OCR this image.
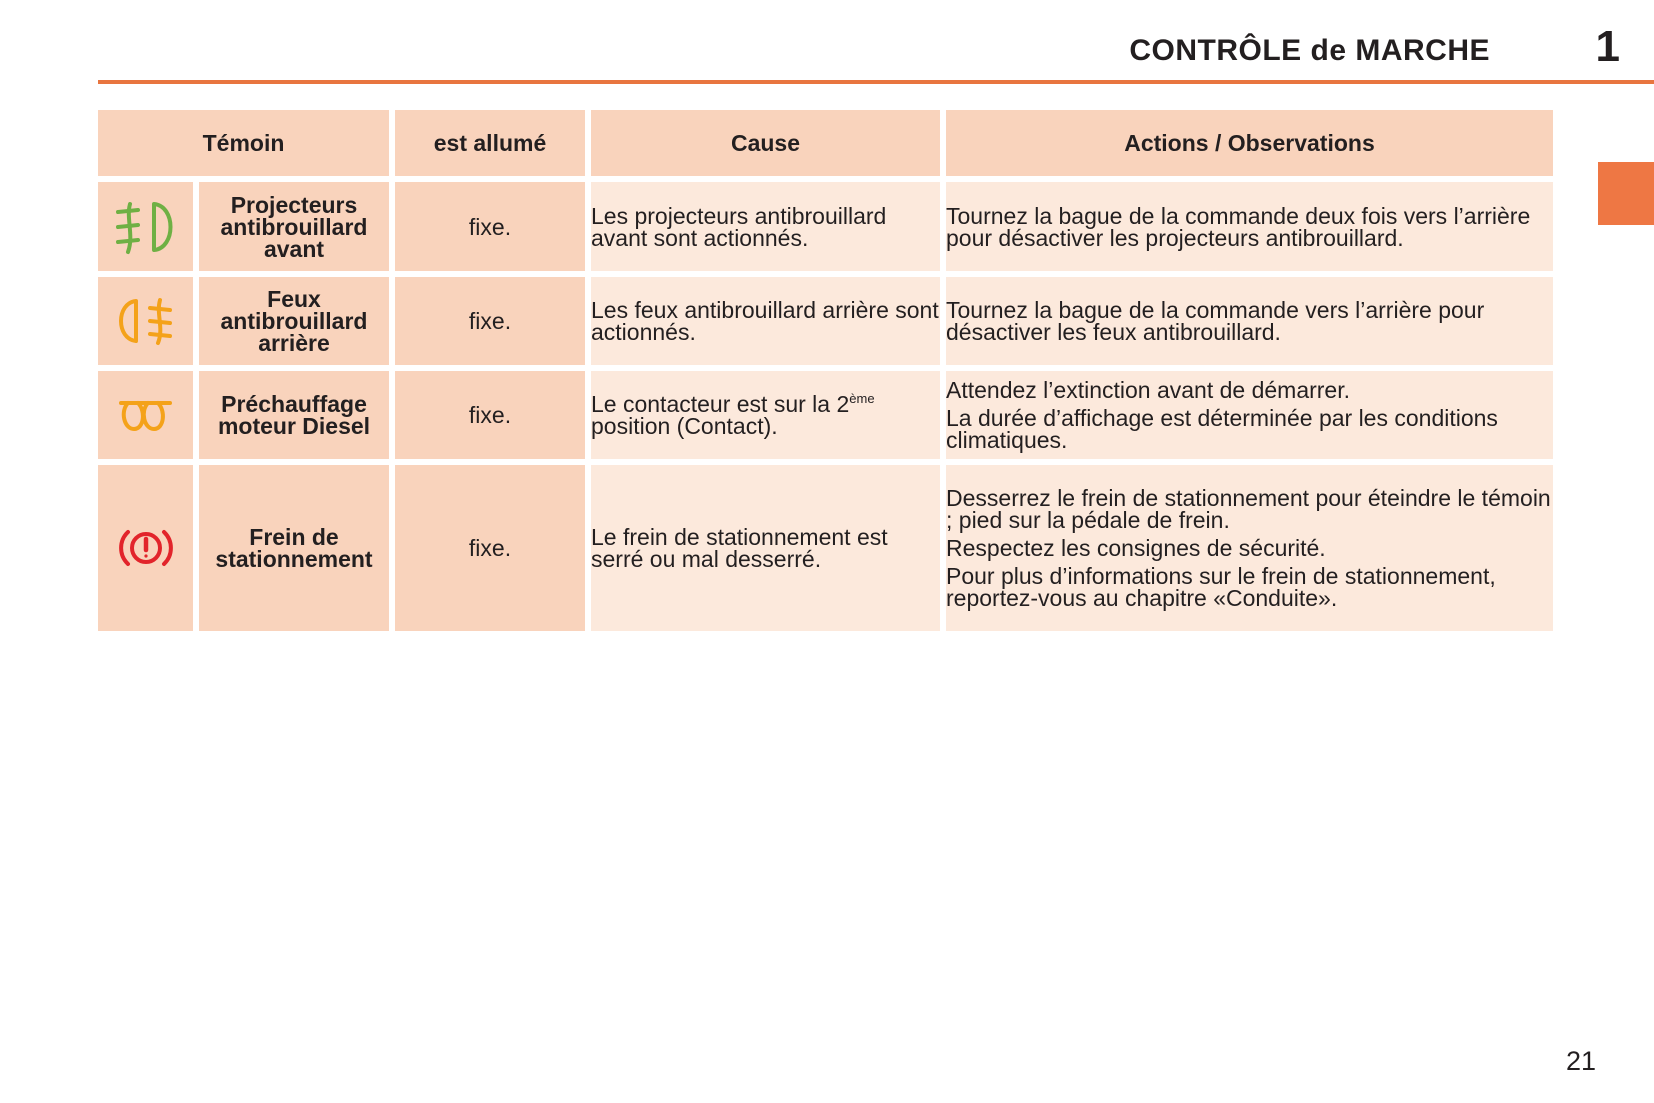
CONTRÔLE de MARCHE	1
Témoin		est allumé	Cause	Actions / Observations
	Projecteurs antibrouillard avant	fixe.	Les projecteurs antibrouillard avant sont actionnés.	Tournez la bague de la commande deux fois vers l’arrière pour désactiver les projecteurs antibrouillard.

	Feux antibrouillard arrière	fixe.	Les feux antibrouillard arrière sont actionnés.	Tournez la bague de la commande vers l’arrière pour désactiver les feux antibrouillard.

	Préchauffage moteur Diesel	fixe.	Le contacteur est sur la 2ème position (Contact).	Attendez l’extinction avant de démarrer.
La durée d’affichage est déterminée par les conditions climatiques.

	Frein de stationnement	fixe.	Le frein de stationnement est serré ou mal desserré.	Desserrez le frein de stationnement pour éteindre le témoin ; pied sur la pédale de frein.
Respectez les consignes de sécurité.
Pour plus d’informations sur le frein de stationnement, reportez-vous au chapitre «Conduite».
21
